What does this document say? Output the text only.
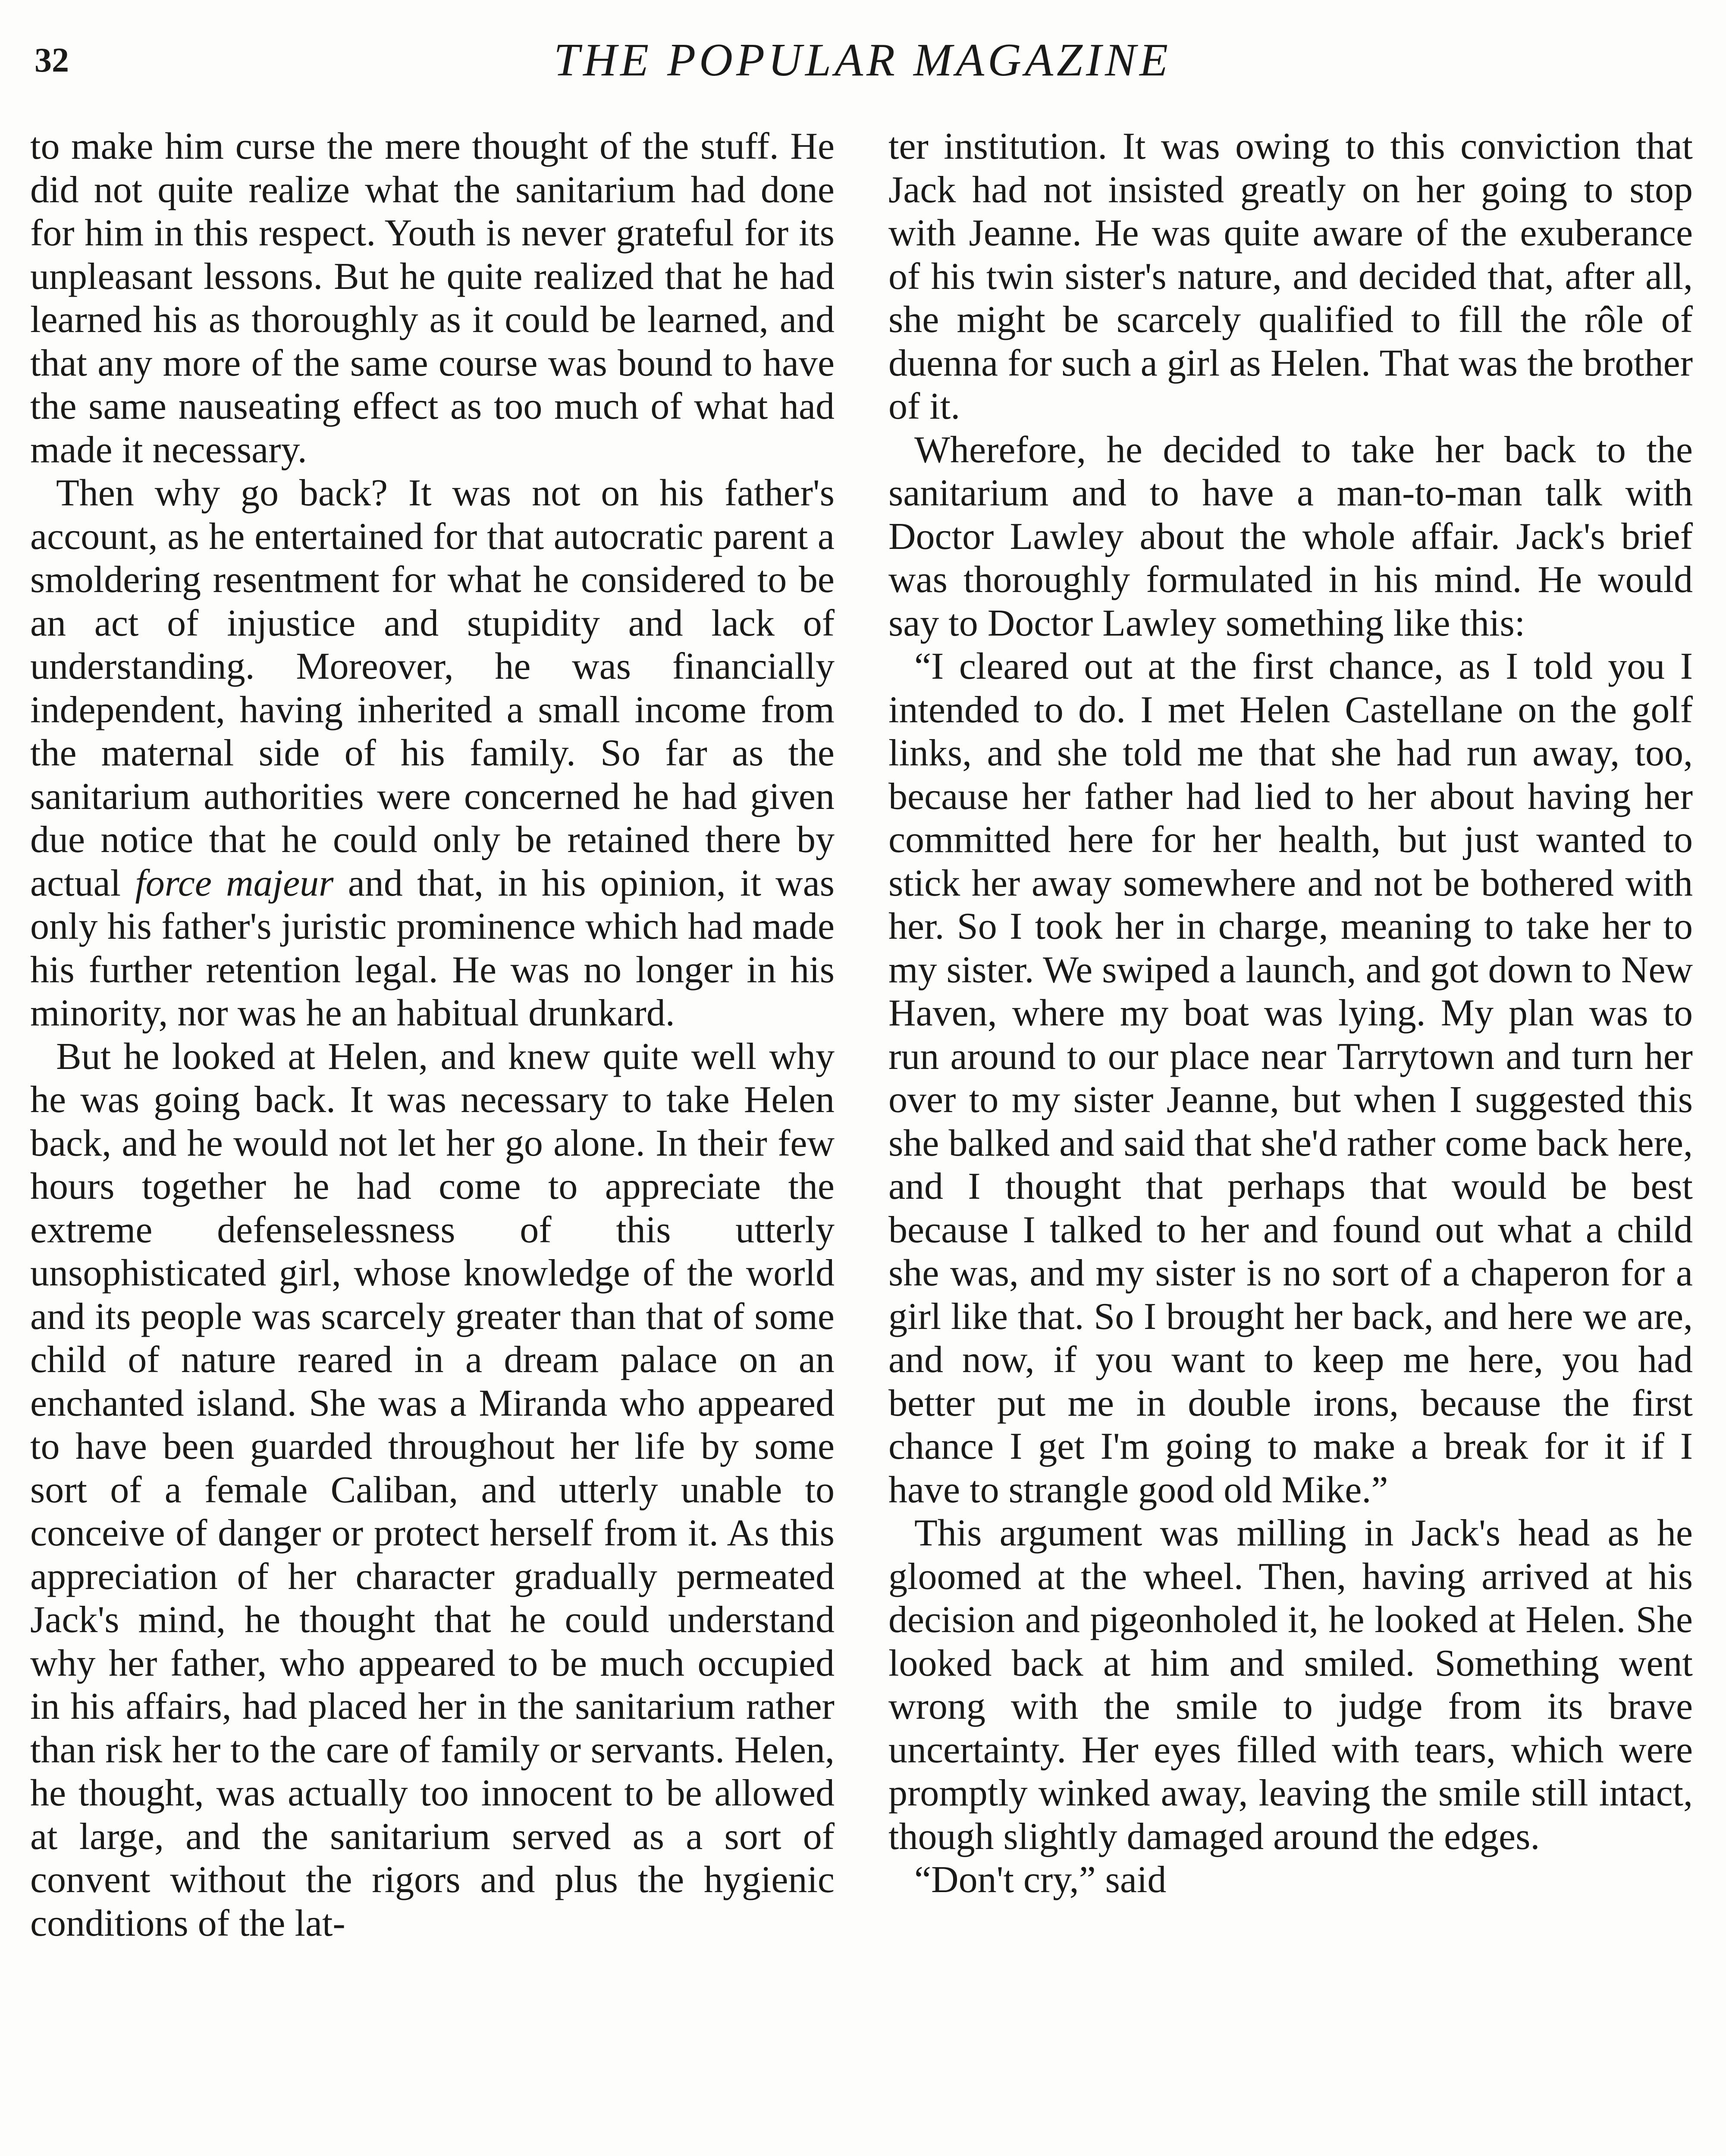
32	THE POPULAR MAGAZINE

to make him curse the mere thought of the stuff. He did not quite realize what the sanitarium had done for him in this respect. Youth is never grateful for its unpleasant lessons. But he quite realized that he had learned his as thoroughly as it could be learned, and that any more of the same course was bound to have the same nauseating effect as too much of what had made it necessary.

Then why go back? It was not on his father's account, as he entertained for that autocratic parent a smoldering resentment for what he considered to be an act of injustice and stupidity and lack of understanding. Moreover, he was financially independent, having inherited a small income from the maternal side of his family. So far as the sanitarium authorities were concerned he had given due notice that he could only be retained there by actual force majeur and that, in his opinion, it was only his father's juristic prominence which had made his further retention legal. He was no longer in his minority, nor was he an habitual drunkard.

But he looked at Helen, and knew quite well why he was going back. It was necessary to take Helen back, and he would not let her go alone. In their few hours together he had come to appreciate the extreme defenselessness of this utterly unsophisticated girl, whose knowledge of the world and its people was scarcely greater than that of some child of nature reared in a dream palace on an enchanted island. She was a Miranda who appeared to have been guarded throughout her life by some sort of a female Caliban, and utterly unable to conceive of danger or protect herself from it. As this appreciation of her character gradually permeated Jack's mind, he thought that he could understand why her father, who appeared to be much occupied in his affairs, had placed her in the sanitarium rather than risk her to the care of family or servants. Helen, he thought, was actually too innocent to be allowed at large, and the sanitarium served as a sort of convent without the rigors and plus the hygienic conditions of the lat-

ter institution. It was owing to this conviction that Jack had not insisted greatly on her going to stop with Jeanne. He was quite aware of the exuberance of his twin sister's nature, and decided that, after all, she might be scarcely qualified to fill the rôle of duenna for such a girl as Helen. That was the brother of it.

Wherefore, he decided to take her back to the sanitarium and to have a man-to-man talk with Doctor Lawley about the whole affair. Jack's brief was thoroughly formulated in his mind. He would say to Doctor Lawley something like this:

“I cleared out at the first chance, as I told you I intended to do. I met Helen Castellane on the golf links, and she told me that she had run away, too, because her father had lied to her about having her committed here for her health, but just wanted to stick her away somewhere and not be bothered with her. So I took her in charge, meaning to take her to my sister. We swiped a launch, and got down to New Haven, where my boat was lying. My plan was to run around to our place near Tarrytown and turn her over to my sister Jeanne, but when I suggested this she balked and said that she'd rather come back here, and I thought that perhaps that would be best because I talked to her and found out what a child she was, and my sister is no sort of a chaperon for a girl like that. So I brought her back, and here we are, and now, if you want to keep me here, you had better put me in double irons, because the first chance I get I'm going to make a break for it if I have to strangle good old Mike.”

This argument was milling in Jack's head as he gloomed at the wheel. Then, having arrived at his decision and pigeonholed it, he looked at Helen. She looked back at him and smiled. Something went wrong with the smile to judge from its brave uncertainty. Her eyes filled with tears, which were promptly winked away, leaving the smile still intact, though slightly damaged around the edges.

“Don't cry,” said
